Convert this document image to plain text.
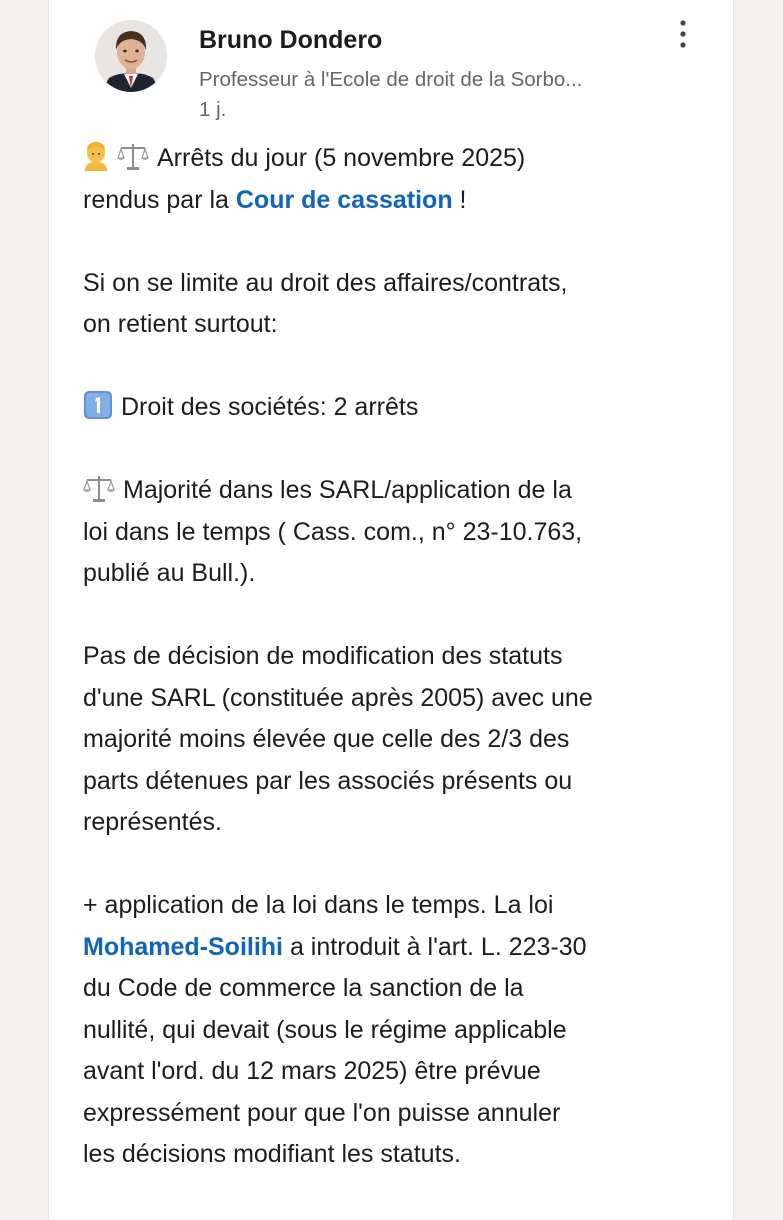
Bruno Dondero
Professeur à l'Ecole de droit de la Sorbo...
1 j.
Arrêts du jour (5 novembre 2025)
rendus par la Cour de cassation !
Si on se limite au droit des affaires/contrats,
on retient surtout:
Droit des sociétés: 2 arrêts
Majorité dans les SARL/application de la
loi dans le temps ( Cass. com., n° 23-10.763,
publié au Bull.).
Pas de décision de modification des statuts
d'une SARL (constituée après 2005) avec une
majorité moins élevée que celle des 2/3 des
parts détenues par les associés présents ou
représentés.
+ application de la loi dans le temps. La loi
Mohamed-Soilihi a introduit à l'art. L. 223-30
du Code de commerce la sanction de la
nullité, qui devait (sous le régime applicable
avant l'ord. du 12 mars 2025) être prévue
expressément pour que l'on puisse annuler
les décisions modifiant les statuts.
